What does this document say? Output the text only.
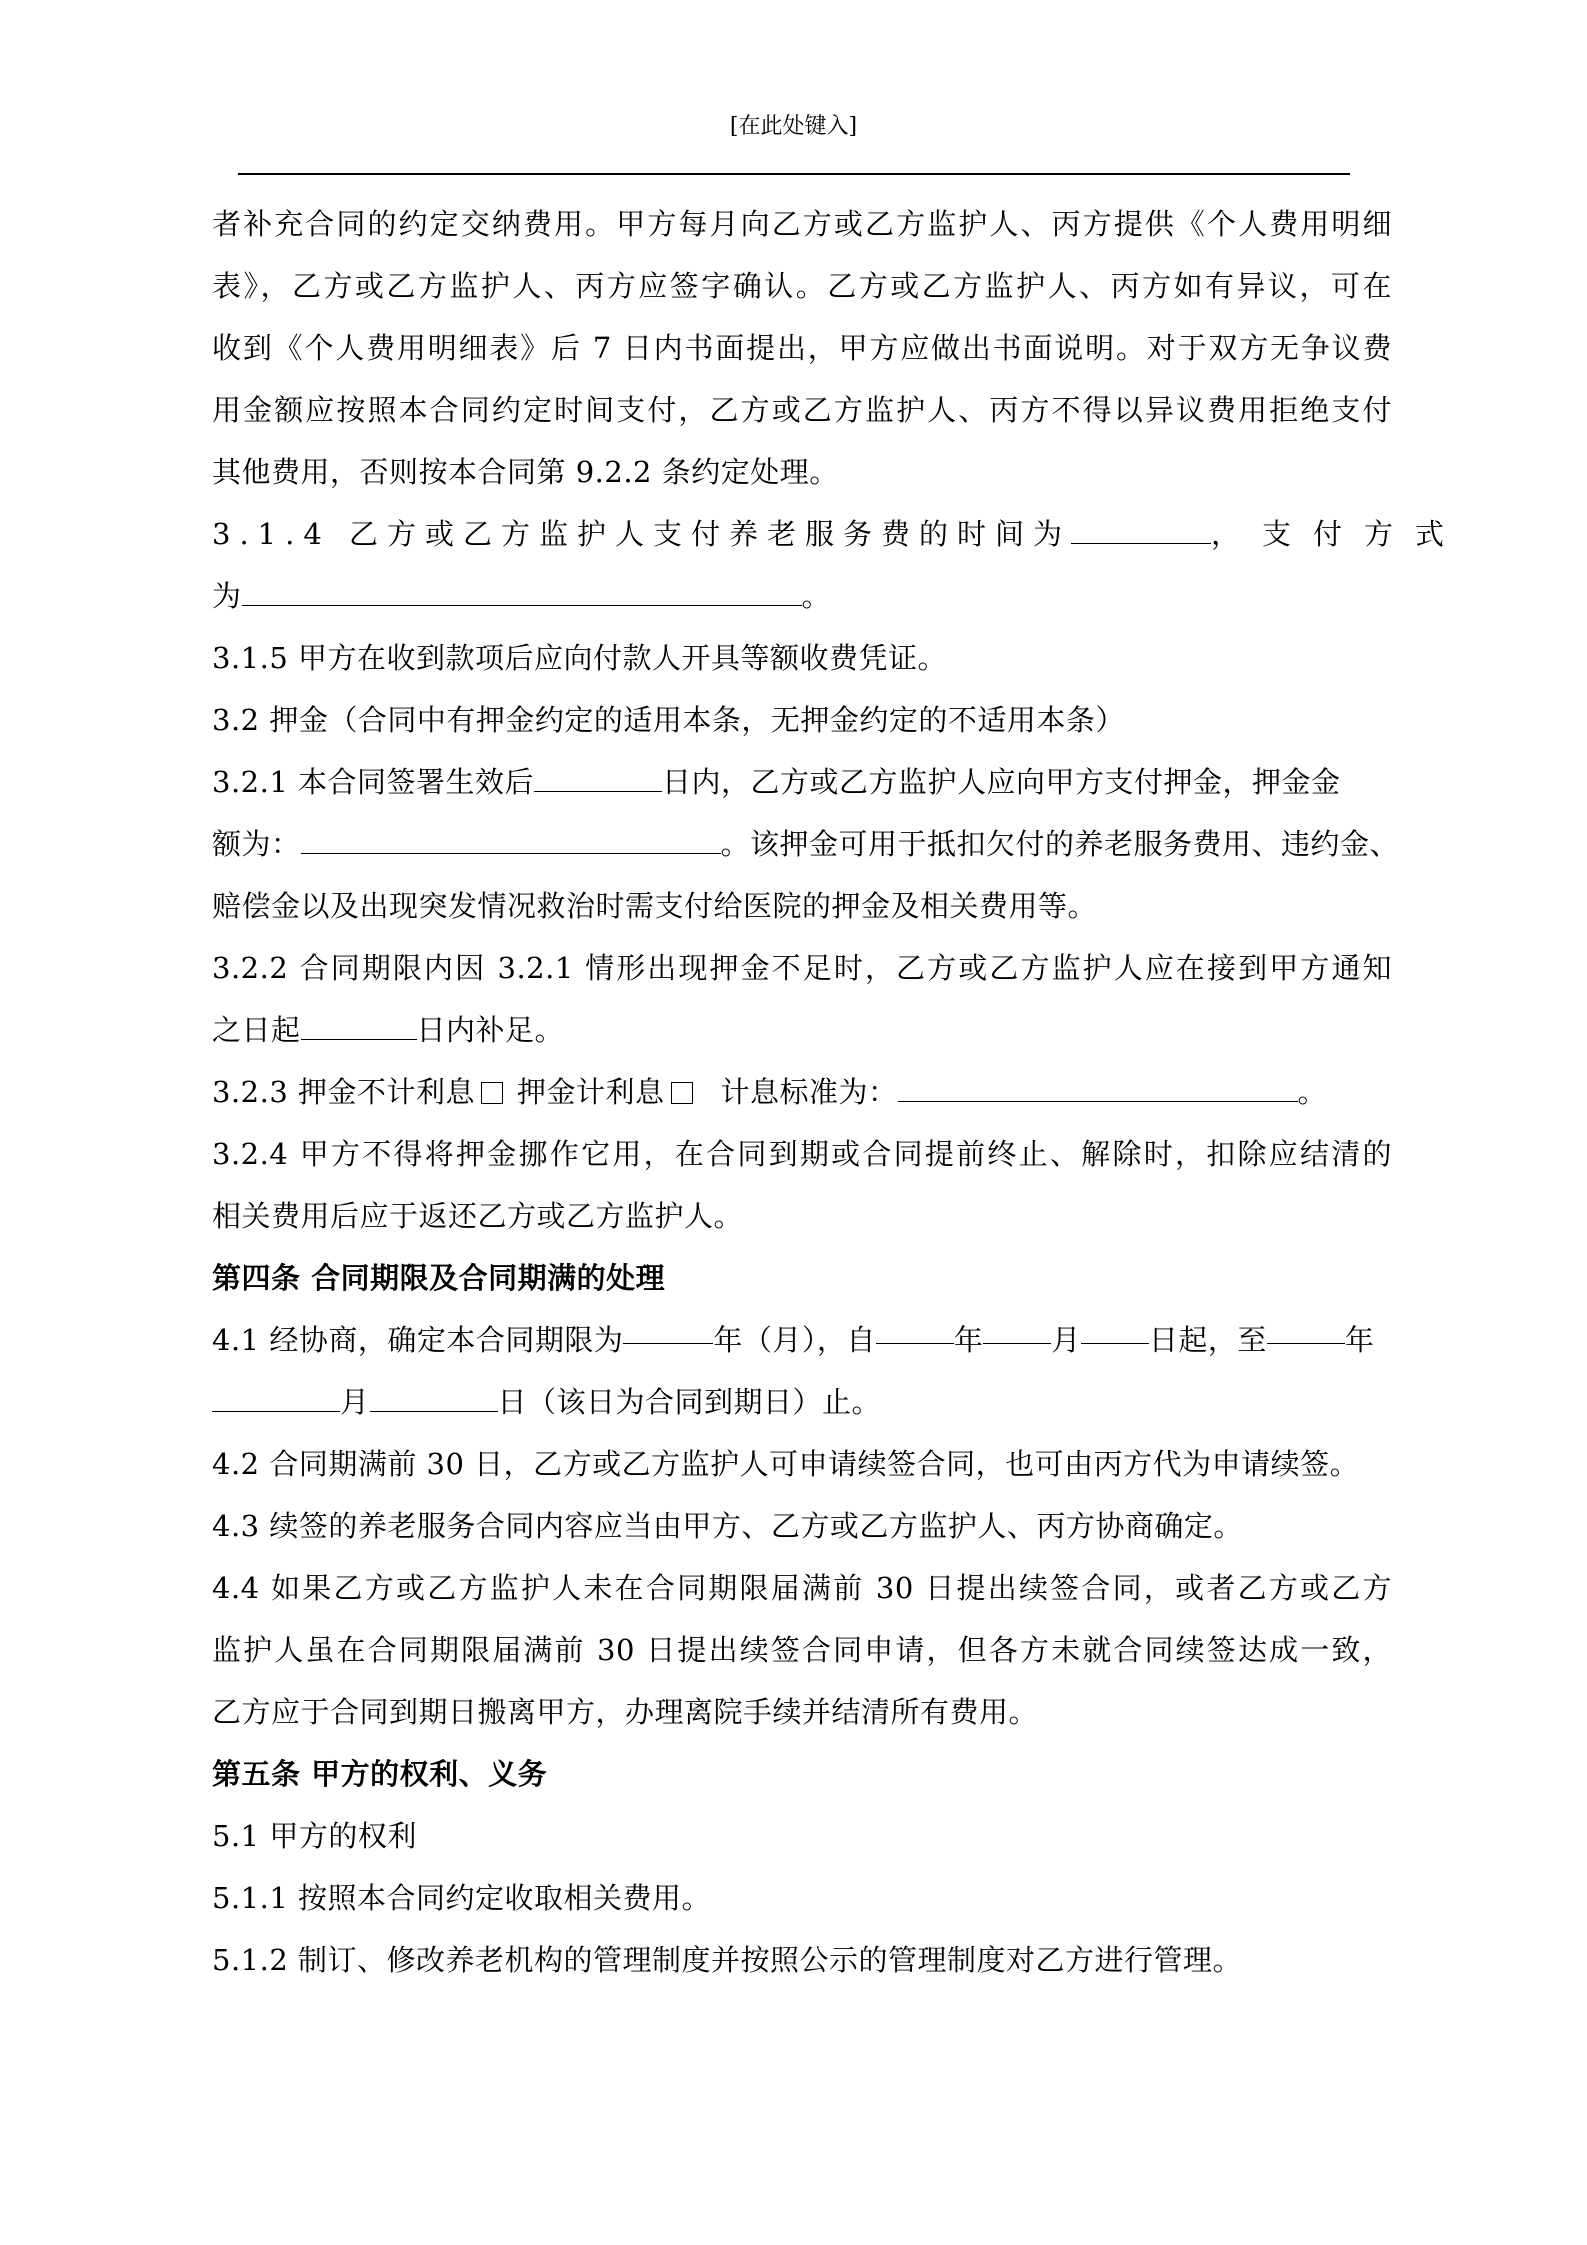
[在此处键入]
者补充合同的约定交纳费用。甲方每月向乙方或乙方监护人、丙方提供《个人费用明细
表》，乙方或乙方监护人、丙方应签字确认。乙方或乙方监护人、丙方如有异议，可在
收到《个人费用明细表》后 7 日内书面提出，甲方应做出书面说明。对于双方无争议费
用金额应按照本合同约定时间支付，乙方或乙方监护人、丙方不得以异议费用拒绝支付
其他费用，否则按本合同第 9.2.2 条约定处理。
3.1.4 乙方或乙方监护人支付养老服务费的时间为	，支付方式
为	。
3.1.5 甲方在收到款项后应向付款人开具等额收费凭证。
3.2 押金（合同中有押金约定的适用本条，无押金约定的不适用本条）
3.2.1 本合同签署生效后	日内，乙方或乙方监护人应向甲方支付押金，押金金
额为：	。该押金可用于抵扣欠付的养老服务费用、违约金、
赔偿金以及出现突发情况救治时需支付给医院的押金及相关费用等。
3.2.2 合同期限内因 3.2.1 情形出现押金不足时，乙方或乙方监护人应在接到甲方通知
之日起	日内补足。
3.2.3 押金不计利息 押金计利息 计息标准为：	。
3.2.4 甲方不得将押金挪作它用，在合同到期或合同提前终止、解除时，扣除应结清的
相关费用后应于返还乙方或乙方监护人。
第四条 合同期限及合同期满的处理
4.1 经协商，确定本合同期限为	年（月），自	年 月 日起，至	年
月	日（该日为合同到期日）止。
4.2 合同期满前 30 日，乙方或乙方监护人可申请续签合同，也可由丙方代为申请续签。
4.3 续签的养老服务合同内容应当由甲方、乙方或乙方监护人、丙方协商确定。
4.4 如果乙方或乙方监护人未在合同期限届满前 30 日提出续签合同，或者乙方或乙方
监护人虽在合同期限届满前 30 日提出续签合同申请，但各方未就合同续签达成一致，
乙方应于合同到期日搬离甲方，办理离院手续并结清所有费用。
第五条 甲方的权利、义务
5.1 甲方的权利
5.1.1 按照本合同约定收取相关费用。
5.1.2 制订、修改养老机构的管理制度并按照公示的管理制度对乙方进行管理。
